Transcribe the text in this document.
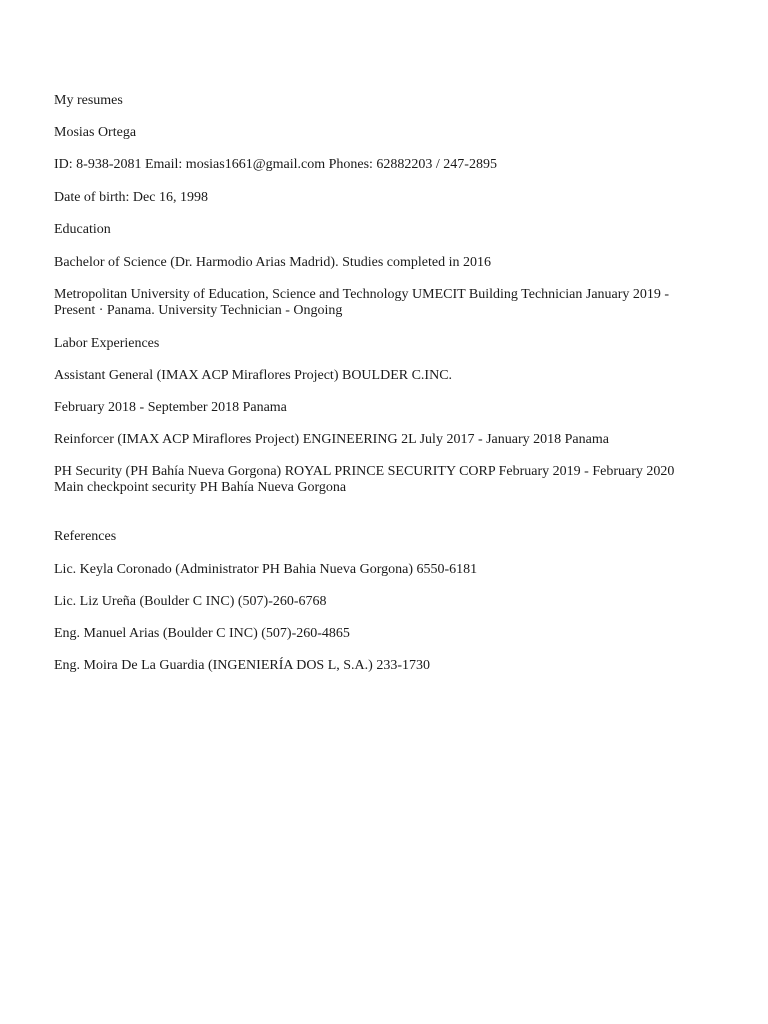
My resumes

Mosias Ortega

ID: 8-938-2081 Email: mosias1661@gmail.com Phones: 62882203 / 247-2895

Date of birth: Dec 16, 1998

Education

Bachelor of Science (Dr. Harmodio Arias Madrid). Studies completed in 2016

Metropolitan University of Education, Science and Technology UMECIT Building Technician January 2019 - Present · Panama. University Technician - Ongoing

Labor Experiences

Assistant General (IMAX ACP Miraflores Project) BOULDER C.INC.

February 2018 - September 2018 Panama

Reinforcer (IMAX ACP Miraflores Project) ENGINEERING 2L July 2017 - January 2018 Panama

PH Security (PH Bahía Nueva Gorgona) ROYAL PRINCE SECURITY CORP February 2019 - February 2020 Main checkpoint security PH Bahía Nueva Gorgona

References

Lic. Keyla Coronado (Administrator PH Bahia Nueva Gorgona) 6550-6181

Lic. Liz Ureña (Boulder C INC) (507)-260-6768

Eng. Manuel Arias (Boulder C INC) (507)-260-4865

Eng. Moira De La Guardia (INGENIERÍA DOS L, S.A.) 233-1730
